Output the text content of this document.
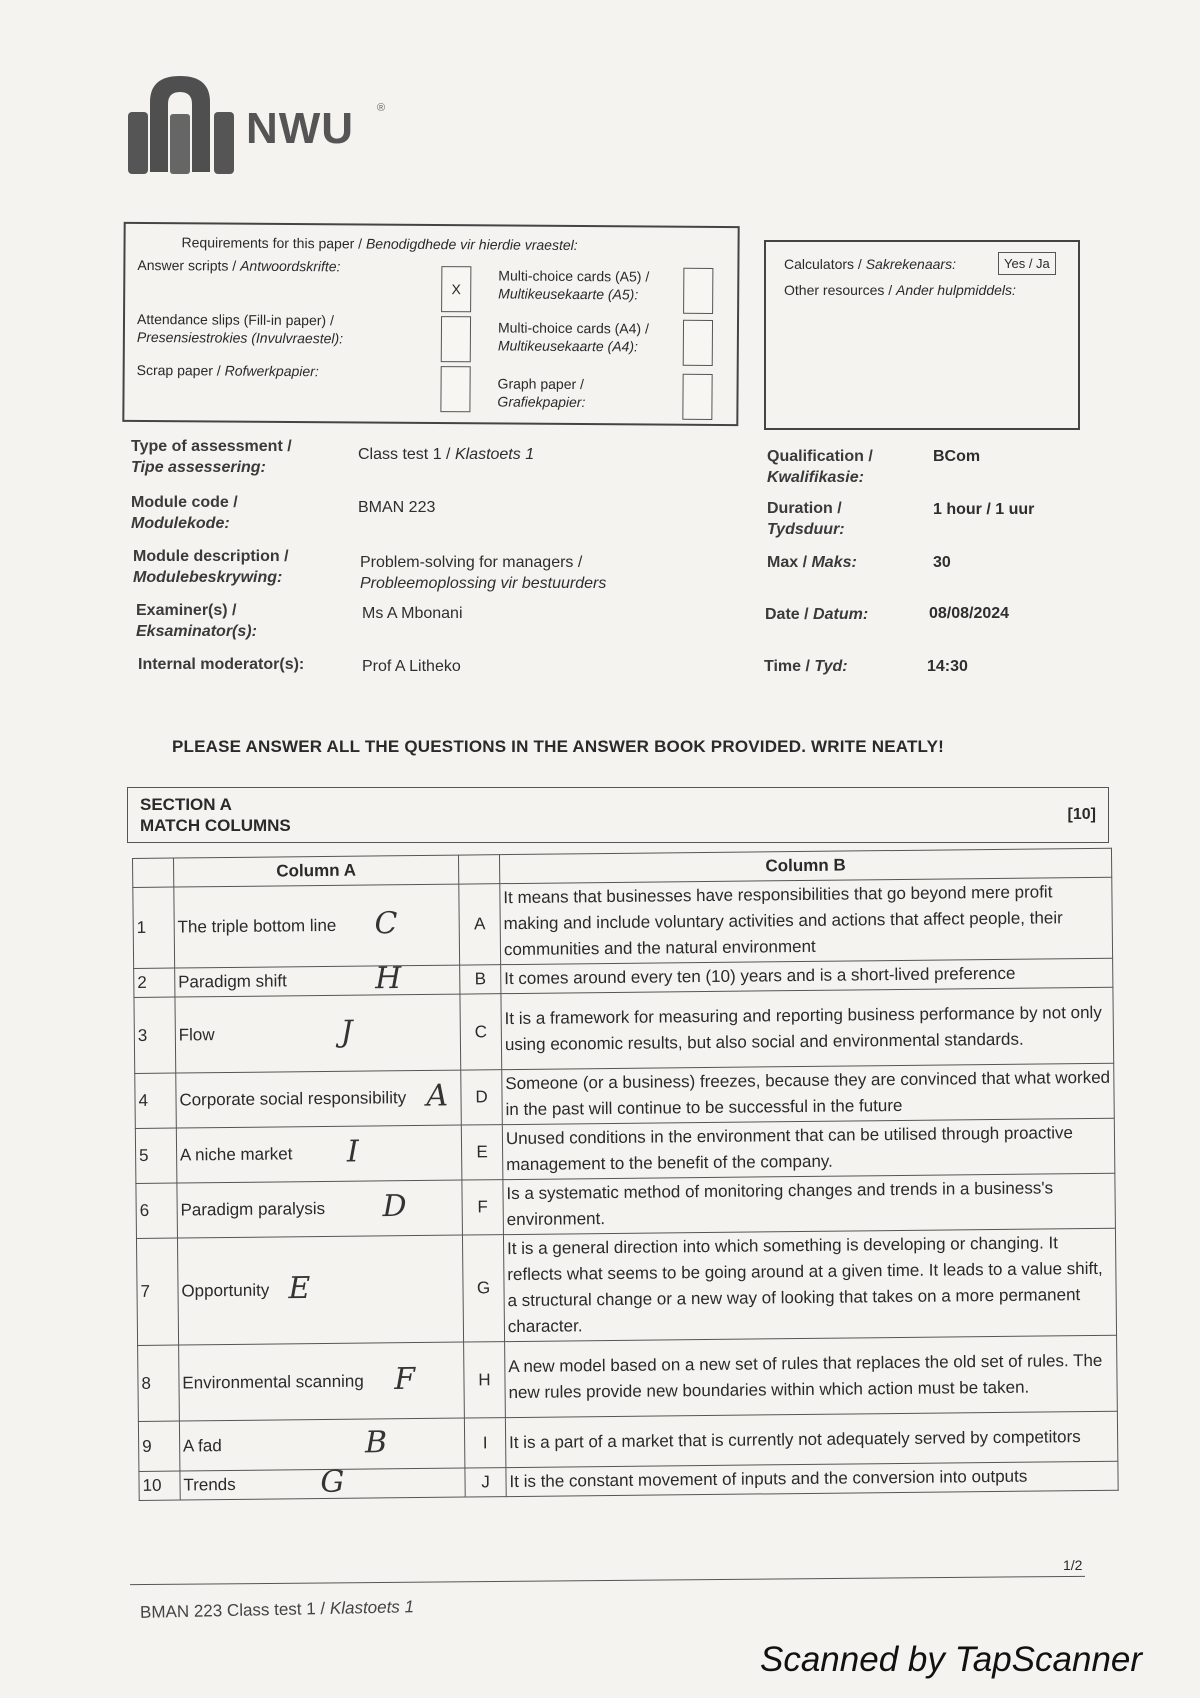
NWU ®
Requirements for this paper / Benodigdhede vir hierdie vraestel:
Answer scripts / Antwoordskrifte:
X
Attendance slips (Fill-in paper) /
Presensiestrokies (Invulvraestel):
Scrap paper / Rofwerkpapier:
Multi-choice cards (A5) /
Multikeusekaarte (A5):
Multi-choice cards (A4) /
Multikeusekaarte (A4):
Graph paper /
Grafiekpapier:
Calculators / Sakrekenaars:	Yes / Ja
Other resources / Ander hulpmiddels:
Type of assessment /
Tipe assessering:
Class test 1 / Klastoets 1
Module code /
Modulekode:
BMAN 223
Module description /
Modulebeskrywing:
Problem-solving for managers /
Probleemoplossing vir bestuurders
Examiner(s) /
Eksaminator(s):
Ms A Mbonani
Internal moderator(s):	Prof A Litheko
Qualification /
Kwalifikasie:
BCom
Duration /
Tydsduur:
1 hour / 1 uur
Max / Maks:	30
Date / Datum:	08/08/2024
Time / Tyd:	14:30
PLEASE ANSWER ALL THE QUESTIONS IN THE ANSWER BOOK PROVIDED. WRITE NEATLY!
SECTION A
MATCH COLUMNS
[10]
	Column A		Column B
1	The triple bottom line C	A	It means that businesses have responsibilities that go beyond mere profit making and include voluntary activities and actions that affect people, their communities and the natural environment
2	Paradigm shift H	B	It comes around every ten (10) years and is a short-lived preference
3	Flow J	C	It is a framework for measuring and reporting business performance by not only using economic results, but also social and environmental standards.
4	Corporate social responsibility A	D	Someone (or a business) freezes, because they are convinced that what worked in the past will continue to be successful in the future
5	A niche market I	E	Unused conditions in the environment that can be utilised through proactive management to the benefit of the company.
6	Paradigm paralysis D	F	Is a systematic method of monitoring changes and trends in a business's environment.
7	Opportunity E	G	It is a general direction into which something is developing or changing. It reflects what seems to be going around at a given time. It leads to a value shift, a structural change or a new way of looking that takes on a more permanent character.
8	Environmental scanning F	H	A new model based on a new set of rules that replaces the old set of rules. The new rules provide new boundaries within which action must be taken.
9	A fad B	I	It is a part of a market that is currently not adequately served by competitors
10	Trends G	J	It is the constant movement of inputs and the conversion into outputs
1/2
BMAN 223 Class test 1 / Klastoets 1
Scanned by TapScanner
